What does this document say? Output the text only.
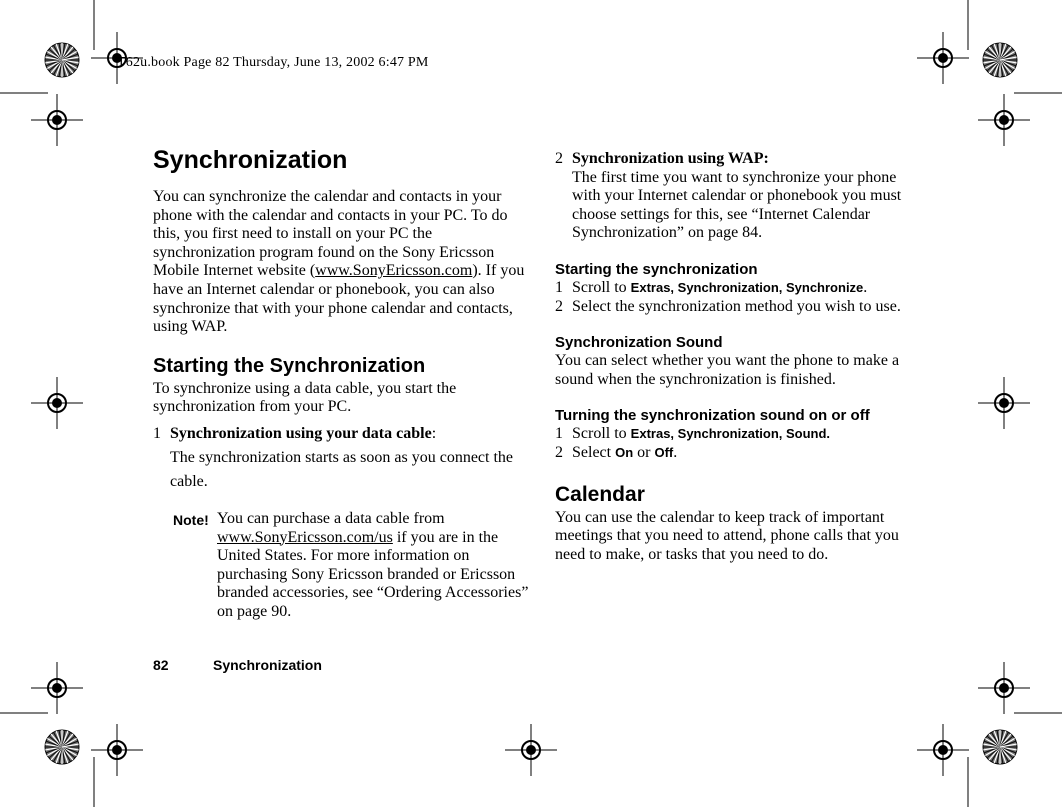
T62u.book Page 82 Thursday, June 13, 2002 6:47 PM
Synchronization

You can synchronize the calendar and contacts in your phone with the calendar and contacts in your PC. To do this, you first need to install on your PC the synchronization program found on the Sony Ericsson Mobile Internet website (www.SonyEricsson.com). If you have an Internet calendar or phonebook, you can also synchronize that with your phone calendar and contacts, using WAP.

Starting the Synchronization

To synchronize using a data cable, you start the synchronization from your PC.

1 Synchronization using your data cable:
The synchronization starts as soon as you connect the cable.
Note! You can purchase a data cable from www.SonyEricsson.com/us if you are in the United States. For more information on purchasing Sony Ericsson branded or Ericsson branded accessories, see “Ordering Accessories” on page 90.

2 Synchronization using WAP:
The first time you want to synchronize your phone with your Internet calendar or phonebook you must choose settings for this, see “Internet Calendar Synchronization” on page 84.
Starting the synchronization
1 Scroll to Extras, Synchronization, Synchronize.
2 Select the synchronization method you wish to use.
Synchronization Sound

You can select whether you want the phone to make a sound when the synchronization is finished.

Turning the synchronization sound on or off
1 Scroll to Extras, Synchronization, Sound.
2 Select On or Off.
Calendar

You can use the calendar to keep track of important meetings that you need to attend, phone calls that you need to make, or tasks that you need to do.

82	Synchronization
